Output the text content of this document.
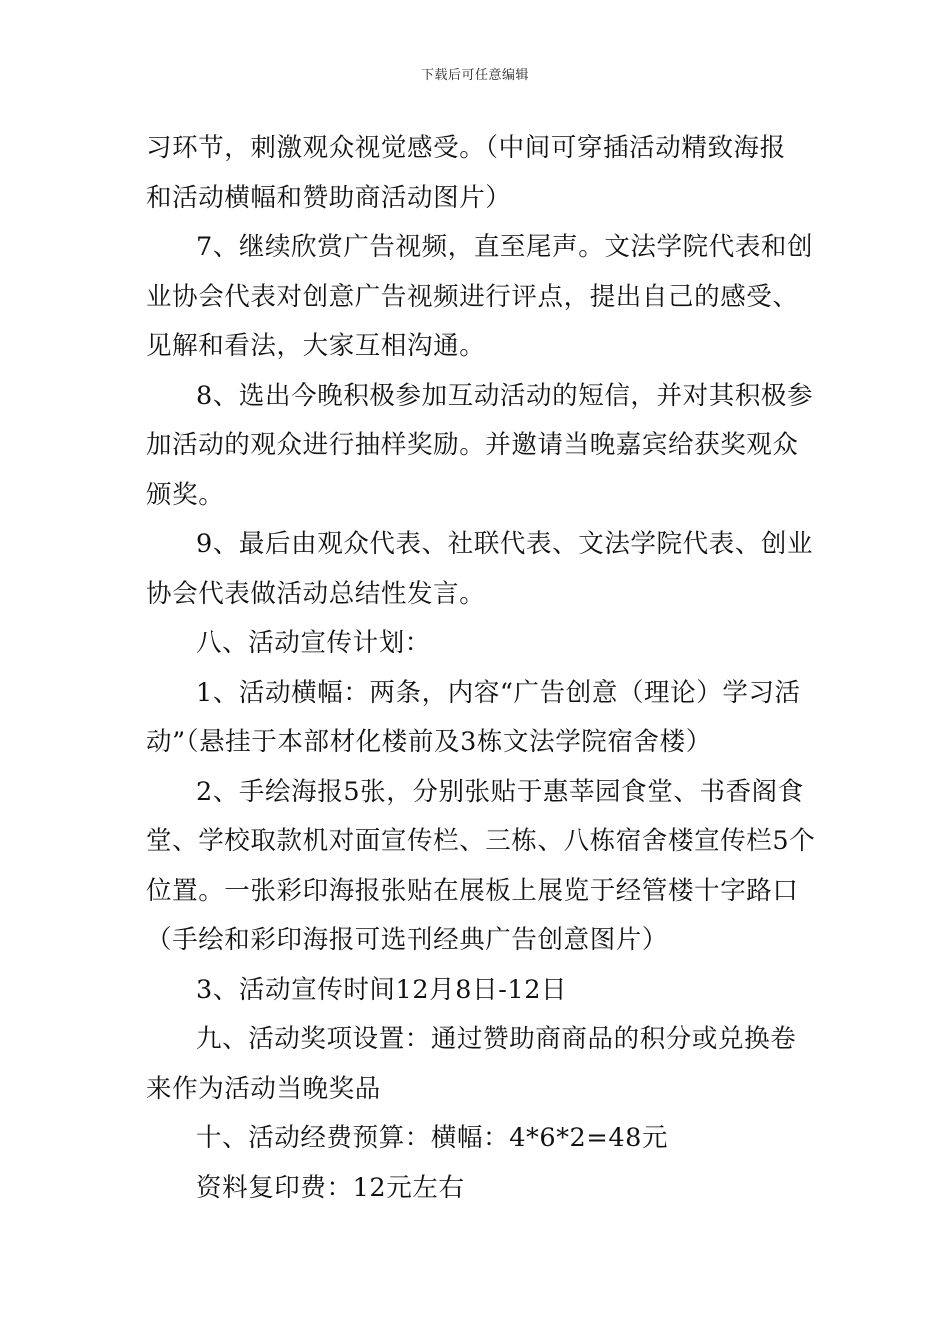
下载后可任意编辑

习环节，刺激观众视觉感受。（中间可穿插活动精致海报

和活动横幅和赞助商活动图片）

7、继续欣赏广告视频，直至尾声。文法学院代表和创

业协会代表对创意广告视频进行评点，提出自己的感受、

见解和看法，大家互相沟通。

8、选出今晚积极参加互动活动的短信，并对其积极参

加活动的观众进行抽样奖励。并邀请当晚嘉宾给获奖观众

颁奖。

9、最后由观众代表、社联代表、文法学院代表、创业

协会代表做活动总结性发言。

八、活动宣传计划：

1、活动横幅：两条，内容“广告创意（理论）学习活

动”（悬挂于本部材化楼前及3栋文法学院宿舍楼）

2、手绘海报5张，分别张贴于惠莘园食堂、书香阁食

堂、学校取款机对面宣传栏、三栋、八栋宿舍楼宣传栏5个

位置。一张彩印海报张贴在展板上展览于经管楼十字路口

（手绘和彩印海报可选刊经典广告创意图片）

3、活动宣传时间12月8日-12日

九、活动奖项设置：通过赞助商商品的积分或兑换卷

来作为活动当晚奖品

十、活动经费预算：横幅：4*6*2=48元

资料复印费：12元左右
